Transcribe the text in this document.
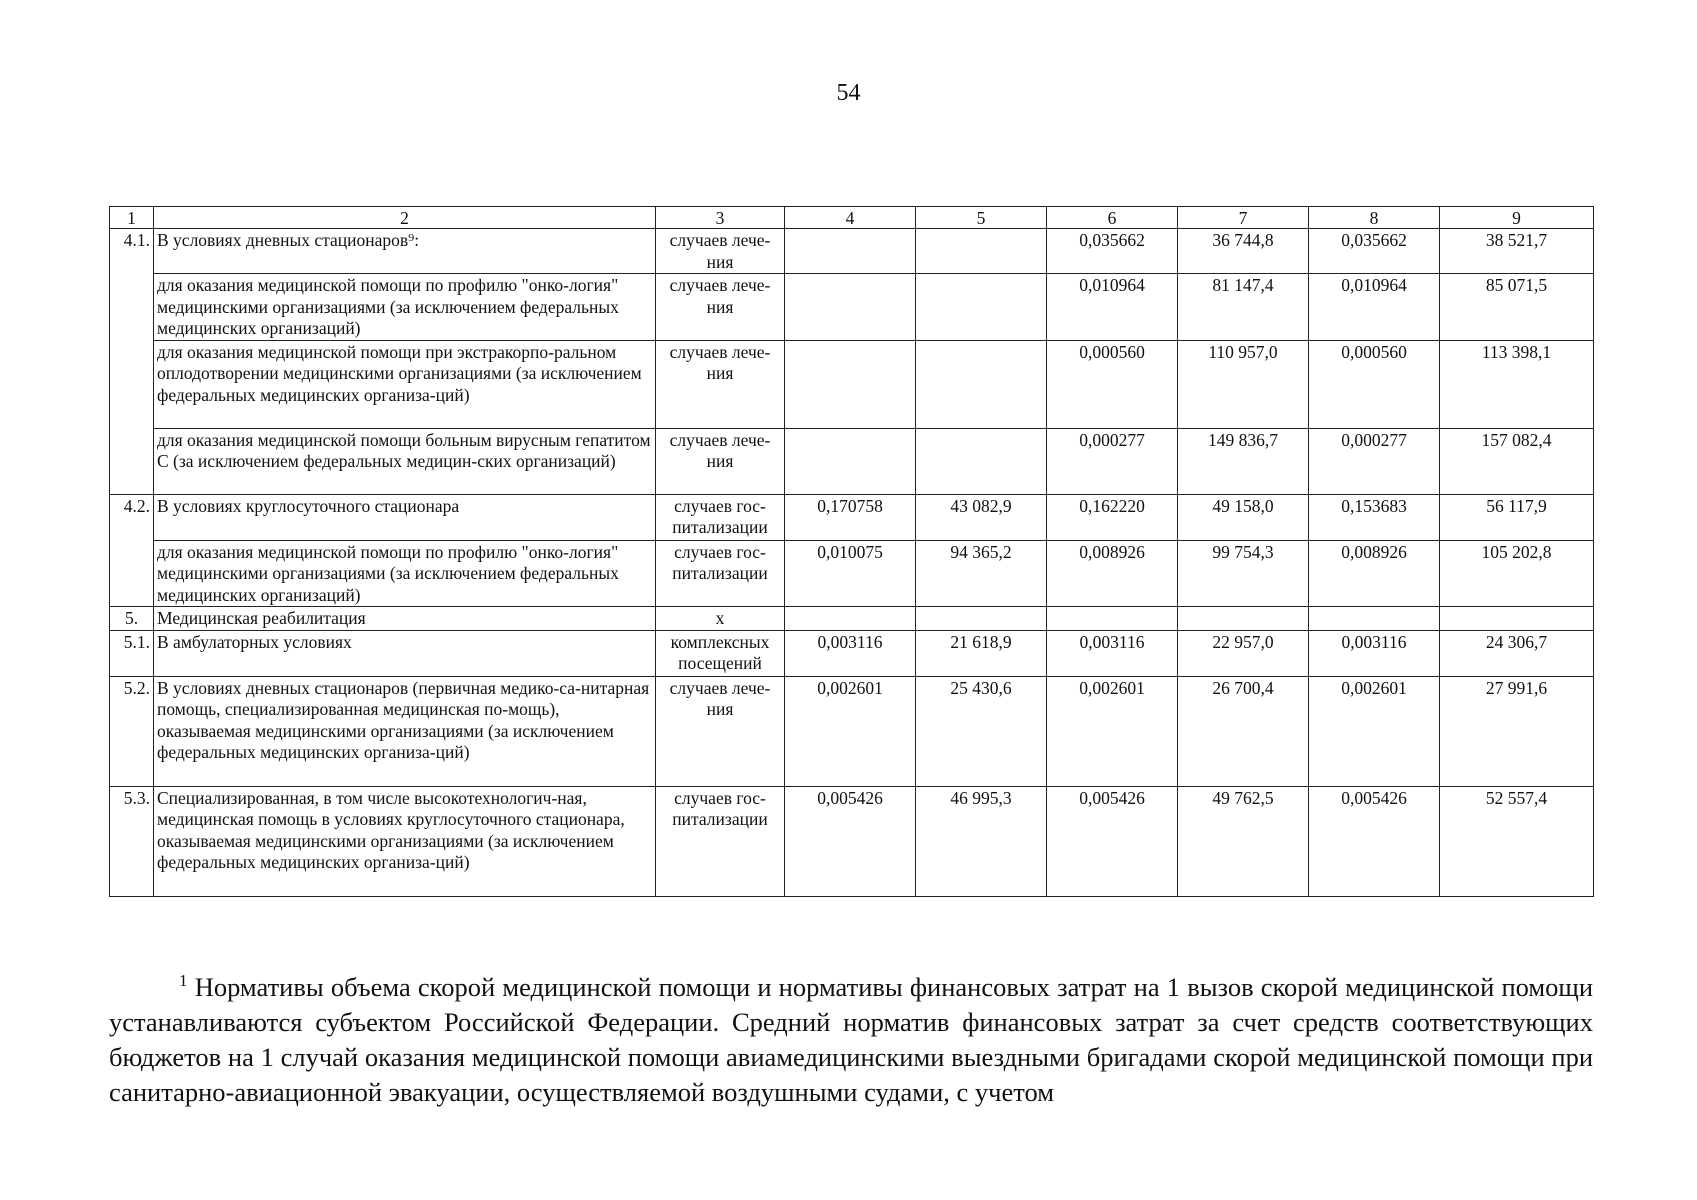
54
1	2	3	4	5	6	7	8	9
4.1.	В условиях дневных стационаров⁹:	случаев лече-ния			0,035662	36 744,8	0,035662	38 521,7
	для оказания медицинской помощи по профилю "онко-логия" медицинскими организациями (за исключением федеральных медицинских организаций)	случаев лече-ния			0,010964	81 147,4	0,010964	85 071,5
	для оказания медицинской помощи при экстракорпо-ральном оплодотворении медицинскими организациями (за исключением федеральных медицинских организа-ций)	случаев лече-ния			0,000560	110 957,0	0,000560	113 398,1
	для оказания медицинской помощи больным вирусным гепатитом С (за исключением федеральных медицин-ских организаций)	случаев лече-ния			0,000277	149 836,7	0,000277	157 082,4
4.2.	В условиях круглосуточного стационара	случаев гос-питализации	0,170758	43 082,9	0,162220	49 158,0	0,153683	56 117,9
	для оказания медицинской помощи по профилю "онко-логия" медицинскими организациями (за исключением федеральных медицинских организаций)	случаев гос-питализации	0,010075	94 365,2	0,008926	99 754,3	0,008926	105 202,8
5.	Медицинская реабилитация	х						
5.1.	В амбулаторных условиях	комплексных посещений	0,003116	21 618,9	0,003116	22 957,0	0,003116	24 306,7
5.2.	В условиях дневных стационаров (первичная медико-са-нитарная помощь, специализированная медицинская по-мощь), оказываемая медицинскими организациями (за исключением федеральных медицинских организа-ций)	случаев лече-ния	0,002601	25 430,6	0,002601	26 700,4	0,002601	27 991,6
5.3.	Специализированная, в том числе высокотехнологич-ная, медицинская помощь в условиях круглосуточного стационара, оказываемая медицинскими организациями (за исключением федеральных медицинских организа-ций)	случаев гос-питализации	0,005426	46 995,3	0,005426	49 762,5	0,005426	52 557,4
$^1$ Нормативы объема скорой медицинской помощи и нормативы финансовых затрат на 1 вызов скорой медицинской помощи устанавливаются субъектом Российской Федерации. Средний норматив финансовых затрат за счет средств соответствующих бюджетов на 1 случай оказания медицинской помощи авиамедицинскими выездными бригадами скорой медицинской помощи при санитарно-авиационной эвакуации, осуществляемой воздушными судами, с учетом
